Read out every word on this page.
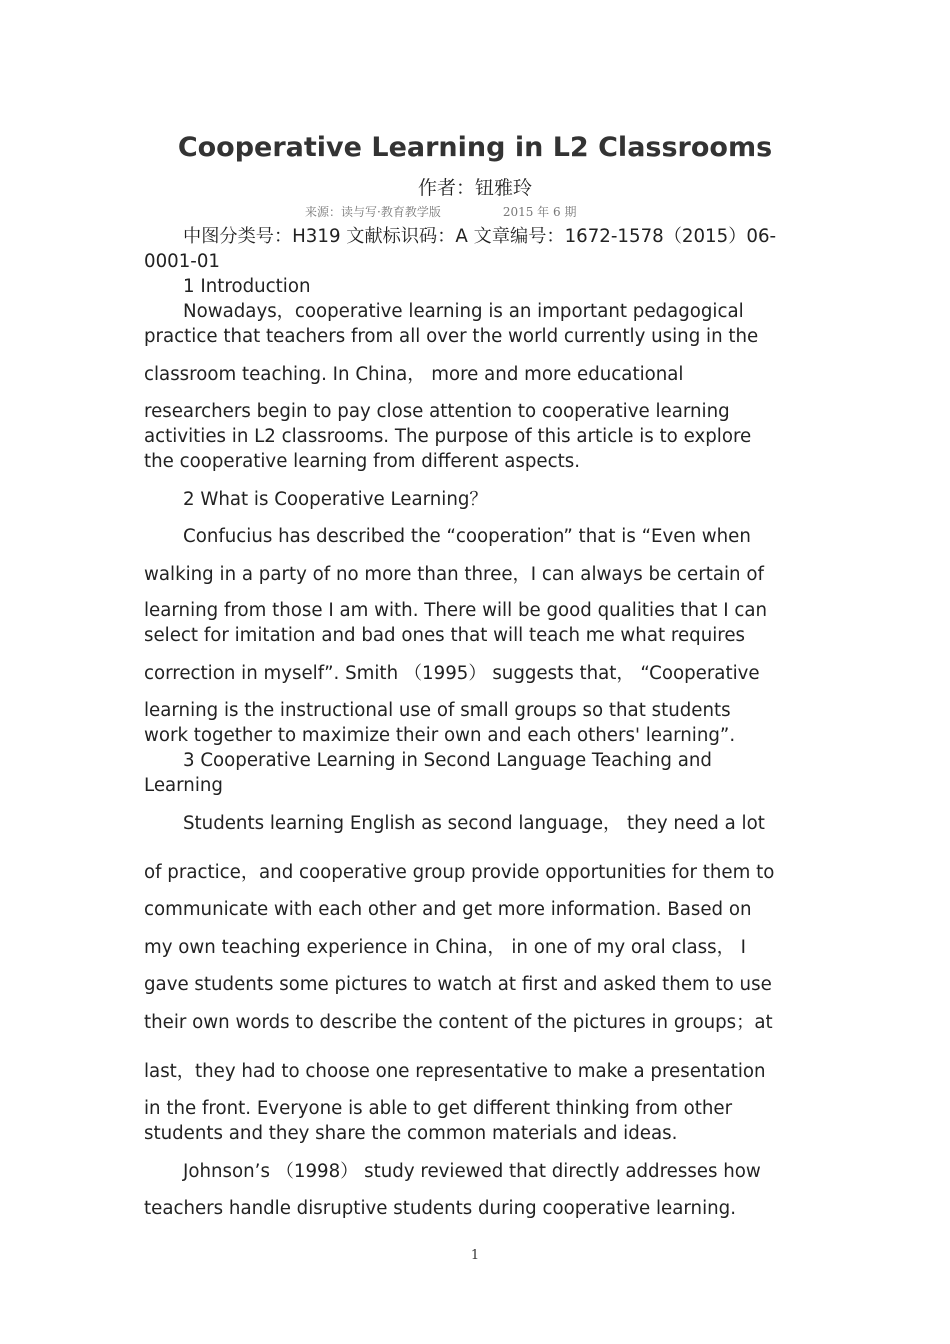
Cooperative Learning in L2 Classrooms
作者：钮雅玲
来源：读与写·教育教学版	2015 年 6 期
中图分类号：H319 文献标识码：A 文章编号：1672-1578（2015）06-
0001-01
1 Introduction
Nowadays，cooperative learning is an important pedagogical
practice that teachers from all over the world currently using in the
classroom teaching. In China， more and more educational
researchers begin to pay close attention to cooperative learning
activities in L2 classrooms. The purpose of this article is to explore
the cooperative learning from different aspects.
2 What is Cooperative Learning？
Confucius has described the “cooperation” that is “Even when
walking in a party of no more than three，I can always be certain of
learning from those I am with. There will be good qualities that I can
select for imitation and bad ones that will teach me what requires
correction in myself”. Smith （1995） suggests that， “Cooperative
learning is the instructional use of small groups so that students
work together to maximize their own and each others' learning”.
3 Cooperative Learning in Second Language Teaching and
Learning
Students learning English as second language， they need a lot
of practice，and cooperative group provide opportunities for them to
communicate with each other and get more information. Based on
my own teaching experience in China， in one of my oral class， I
gave students some pictures to watch at first and asked them to use
their own words to describe the content of the pictures in groups；at
last，they had to choose one representative to make a presentation
in the front. Everyone is able to get different thinking from other
students and they share the common materials and ideas.
Johnson’s （1998） study reviewed that directly addresses how
teachers handle disruptive students during cooperative learning.
1
